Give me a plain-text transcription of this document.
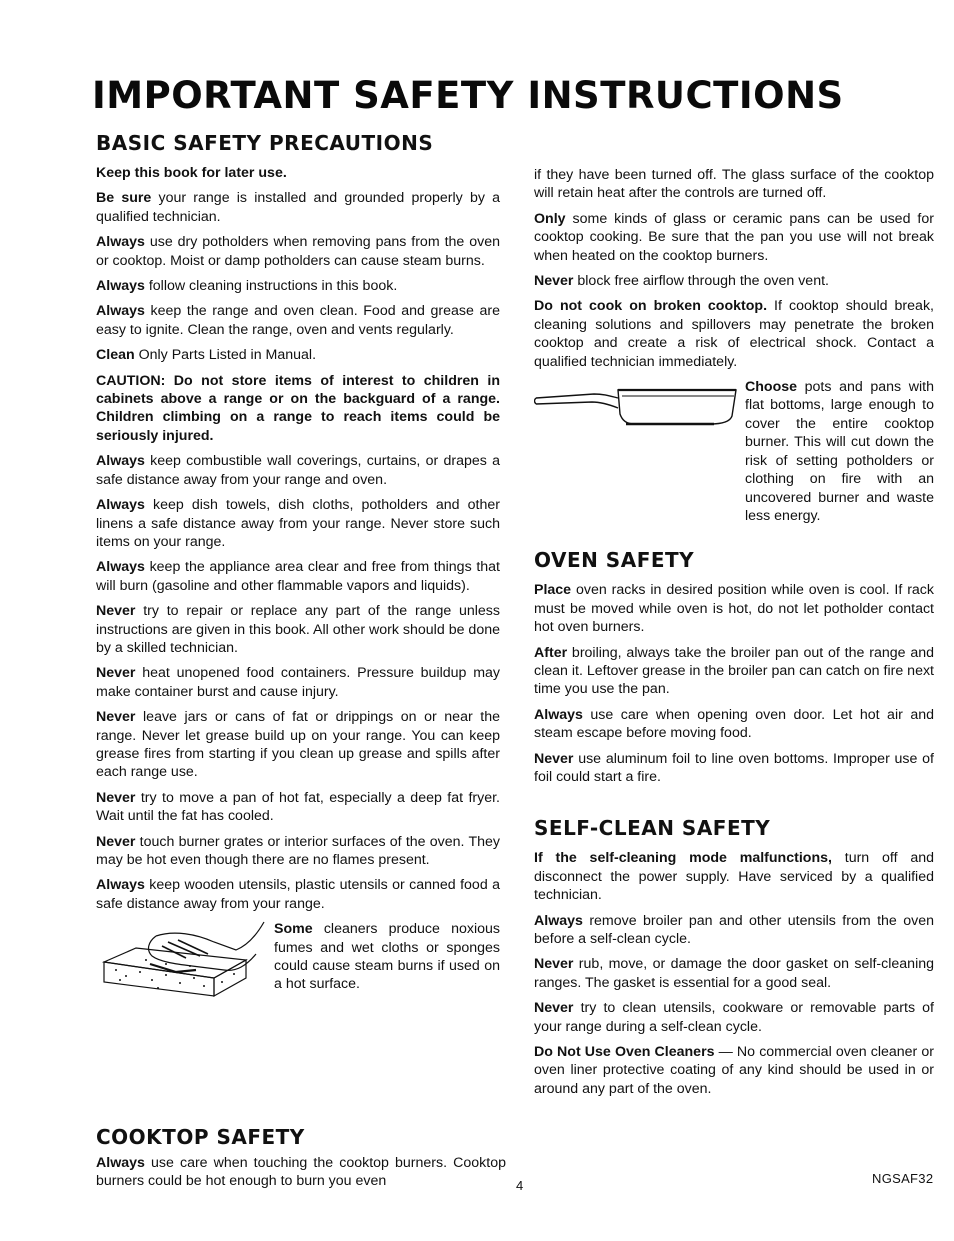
IMPORTANT SAFETY INSTRUCTIONS
BASIC SAFETY PRECAUTIONS

Keep this book for later use.

Be sure your range is installed and grounded properly by a qualified technician.

Always use dry potholders when removing pans from the oven or cooktop. Moist or damp potholders can cause steam burns.

Always follow cleaning instructions in this book.

Always keep the range and oven clean. Food and grease are easy to ignite. Clean the range, oven and vents regularly.

Clean Only Parts Listed in Manual.

CAUTION: Do not store items of interest to children in cabinets above a range or on the backguard of a range. Children climbing on a range to reach items could be seriously injured.

Always keep combustible wall coverings, curtains, or drapes a safe distance away from your range and oven.

Always keep dish towels, dish cloths, potholders and other linens a safe distance away from your range. Never store such items on your range.

Always keep the appliance area clear and free from things that will burn (gasoline and other flammable vapors and liquids).

Never try to repair or replace any part of the range unless instructions are given in this book. All other work should be done by a skilled technician.

Never heat unopened food containers. Pressure buildup may make container burst and cause injury.

Never leave jars or cans of fat or drippings on or near the range. Never let grease build up on your range. You can keep grease fires from starting if you clean up grease and spills after each range use.

Never try to move a pan of hot fat, especially a deep fat fryer. Wait until the fat has cooled.

Never touch burner grates or interior surfaces of the oven. They may be hot even though there are no flames present.

Always keep wooden utensils, plastic utensils or canned food a safe distance away from your range.

Some cleaners produce noxious fumes and wet cloths or sponges could cause steam burns if used on a hot surface.
COOKTOP SAFETY

Always use care when touching the cooktop burners. Cooktop burners could be hot enough to burn you even

if they have been turned off. The glass surface of the cooktop will retain heat after the controls are turned off.

Only some kinds of glass or ceramic pans can be used for cooktop cooking. Be sure that the pan you use will not break when heated on the cooktop burners.

Never block free airflow through the oven vent.

Do not cook on broken cooktop. If cooktop should break, cleaning solutions and spillovers may penetrate the broken cooktop and create a risk of electrical shock. Contact a qualified technician immediately.

Choose pots and pans with flat bottoms, large enough to cover the entire cooktop burner. This will cut down the risk of setting potholders or clothing on fire with an uncovered burner and waste less energy.
OVEN SAFETY

Place oven racks in desired position while oven is cool. If rack must be moved while oven is hot, do not let potholder contact hot oven burners.

After broiling, always take the broiler pan out of the range and clean it. Leftover grease in the broiler pan can catch on fire next time you use the pan.

Always use care when opening oven door. Let hot air and steam escape before moving food.

Never use aluminum foil to line oven bottoms. Improper use of foil could start a fire.

SELF-CLEAN SAFETY

If the self-cleaning mode malfunctions, turn off and disconnect the power supply. Have serviced by a qualified technician.

Always remove broiler pan and other utensils from the oven before a self-clean cycle.

Never rub, move, or damage the door gasket on self-cleaning ranges. The gasket is essential for a good seal.

Never try to clean utensils, cookware or removable parts of your range during a self-clean cycle.

Do Not Use Oven Cleaners — No commercial oven cleaner or oven liner protective coating of any kind should be used in or around any part of the oven.

4	NGSAF32
